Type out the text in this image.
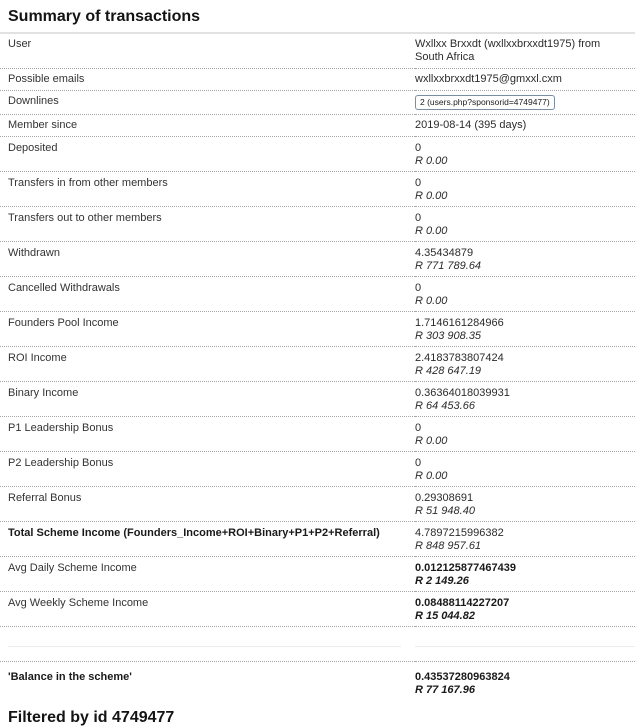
Summary of transactions
User	Wxllxx Brxxdt (wxllxxbrxxdt1975) from South Africa

Possible emails	wxllxxbrxxdt1975@gmxxl.cxm

Downlines	2 (users.php?sponsorid=4749477)
Member since	2019-08-14 (395 days)

Deposited	0
R 0.00

Transfers in from other members	0
R 0.00

Transfers out to other members	0
R 0.00

Withdrawn	4.35434879
R 771 789.64

Cancelled Withdrawals	0
R 0.00

Founders Pool Income	1.7146161284966
R 303 908.35

ROI Income	2.4183783807424
R 428 647.19

Binary Income	0.36364018039931
R 64 453.66

P1 Leadership Bonus	0
R 0.00

P2 Leadership Bonus	0
R 0.00

Referral Bonus	0.29308691
R 51 948.40

Total Scheme Income (Founders_Income+ROI+Binary+P1+P2+Referral)	4.7897215996382
R 848 957.61

Avg Daily Scheme Income	0.012125877467439
R 2 149.26

Avg Weekly Scheme Income	0.08488114227207
R 15 044.82

'Balance in the scheme'	0.43537280963824
R 77 167.96
Filtered by id 4749477
